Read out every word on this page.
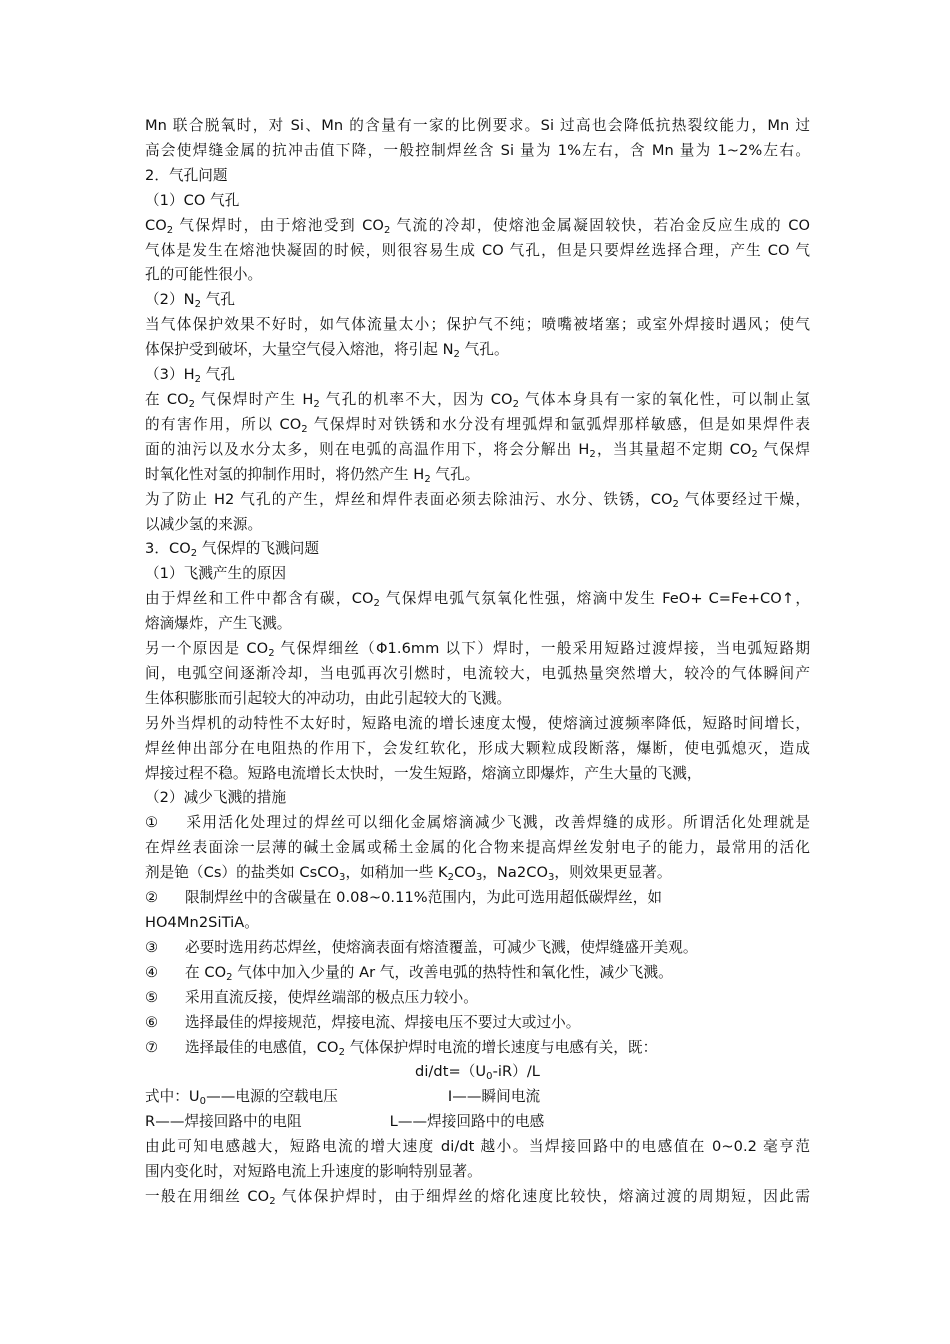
Mn 联合脱氧时，对 Si、Mn 的含量有一家的比例要求。Si 过高也会降低抗热裂纹能力，Mn 过
高会使焊缝金属的抗冲击值下降，一般控制焊丝含 Si 量为 1%左右，含 Mn 量为 1~2%左右。
2．气孔问题
（1）CO 气孔
$CO_2$ 气保焊时，由于熔池受到 $CO_2$ 气流的冷却，使熔池金属凝固较快，若冶金反应生成的 CO
气体是发生在熔池快凝固的时候，则很容易生成 CO 气孔，但是只要焊丝选择合理，产生 CO 气
孔的可能性很小。
$(2)N_2$ 气孔
当气体保护效果不好时，如气体流量太小；保护气不纯；喷嘴被堵塞；或室外焊接时遇风；使气
体保护受到破坏，大量空气侵入熔池，将引起 $N_2$ 气孔。
$(3)H_2$ 气孔
在 $CO_2$ 气保焊时产生 $H_2$ 气孔的机率不大，因为 $CO_2$ 气体本身具有一家的氧化性，可以制止氢
的有害作用，所以 $CO_2$ 气保焊时对铁锈和水分没有埋弧焊和氩弧焊那样敏感，但是如果焊件表
面的油污以及水分太多，则在电弧的高温作用下，将会分解出 $H_2$，当其量超不定期 $CO_2$ 气保焊
时氧化性对氢的抑制作用时，将仍然产生 $H_2$ 气孔。
为了防止 H2 气孔的产生，焊丝和焊件表面必须去除油污、水分、铁锈，$CO_2$ 气体要经过干燥，
以减少氢的来源。
3．$CO_2$ 气保焊的飞溅问题
（1）飞溅产生的原因
由于焊丝和工件中都含有碳，$CO_2$ 气保焊电弧气氛氧化性强，熔滴中发生 FeO+ C=Fe+CO↑，
熔滴爆炸，产生飞溅。
另一个原因是 $CO_2$ 气保焊细丝（Φ1.6mm 以下）焊时，一般采用短路过渡焊接，当电弧短路期
间，电弧空间逐渐冷却，当电弧再次引燃时，电流较大，电弧热量突然增大，较冷的气体瞬间产
生体积膨胀而引起较大的冲动功，由此引起较大的飞溅。
另外当焊机的动特性不太好时，短路电流的增长速度太慢，使熔滴过渡频率降低，短路时间增长，
焊丝伸出部分在电阻热的作用下，会发红软化，形成大颗粒成段断落，爆断，使电弧熄灭，造成
焊接过程不稳。短路电流增长太快时，一发生短路，熔滴立即爆炸，产生大量的飞溅，
（2）减少飞溅的措施
① 采用活化处理过的焊丝可以细化金属熔滴减少飞溅，改善焊缝的成形。所谓活化处理就是
在焊丝表面涂一层薄的碱土金属或稀土金属的化合物来提高焊丝发射电子的能力，最常用的活化
剂是铯（Cs）的盐类如 CsCO$_3$，如稍加一些 $K_2CO_3$，$Na2CO_3$，则效果更显著。
② 限制焊丝中的含碳量在 0.08~0.11%范围内，为此可选用超低碳焊丝，如
HO4Mn2SiTiA。
③ 必要时选用药芯焊丝，使熔滴表面有熔渣覆盖，可减少飞溅，使焊缝盛开美观。
④ 在 $CO_2$ 气体中加入少量的 Ar 气，改善电弧的热特性和氧化性，减少飞溅。
⑤ 采用直流反接，使焊丝端部的极点压力较小。
⑥ 选择最佳的焊接规范，焊接电流、焊接电压不要过大或过小。
⑦ 选择最佳的电感值，$CO_2$ 气体保护焊时电流的增长速度与电感有关，既：
$di/dt=(U_0-iR)/L$
式中：$U_0——$电源的空载电压	I——瞬间电流
R——焊接回路中的电阻	L——焊接回路中的电感
由此可知电感越大，短路电流的增大速度 di/dt 越小。当焊接回路中的电感值在 0~0.2 毫亨范
围内变化时，对短路电流上升速度的影响特别显著。
一般在用细丝 $CO_2$ 气体保护焊时，由于细焊丝的熔化速度比较快，熔滴过渡的周期短，因此需
